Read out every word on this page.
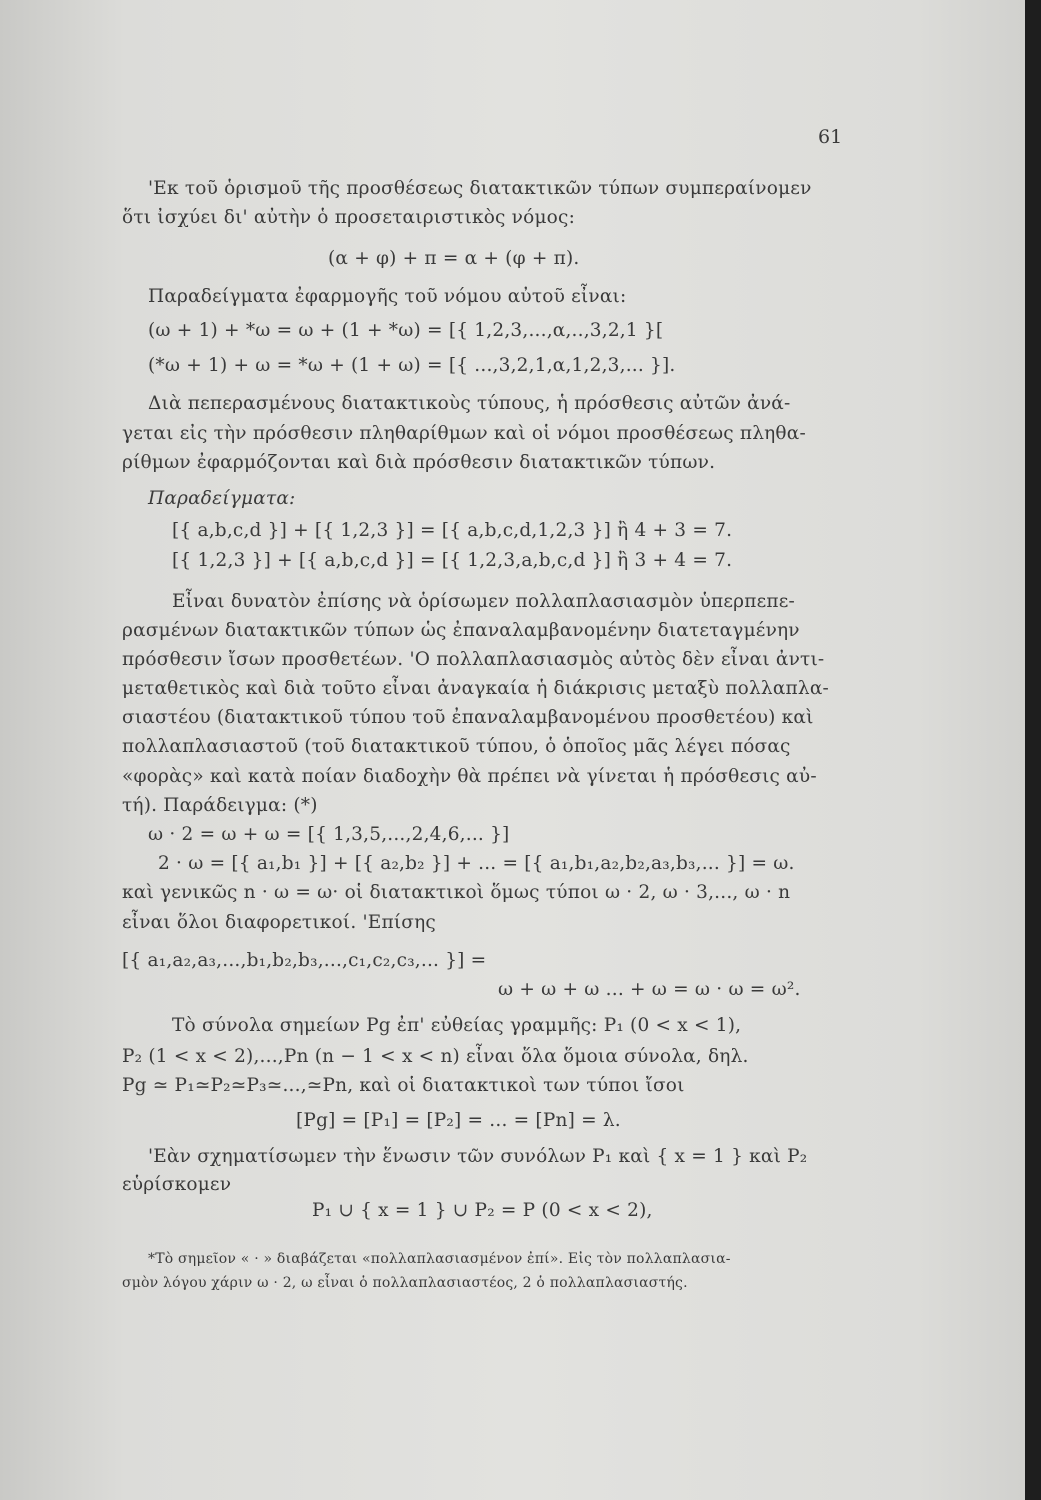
61
'Εκ τοῦ ὁρισμοῦ τῆς προσθέσεως διατακτικῶν τύπων συμπεραίνομεν
ὅτι ἰσχύει δι' αὐτὴν ὁ προσεταιριστικὸς νόμος:
(α + φ) + π = α + (φ + π).
Παραδείγματα ἐφαρμογῆς τοῦ νόμου αὐτοῦ εἶναι:
(ω + 1) + *ω = ω + (1 + *ω) = [{ 1,2,3,...,α,..,3,2,1 }[
(*ω + 1) + ω = *ω + (1 + ω) = [{ ...,3,2,1,α,1,2,3,... }].
Διὰ πεπερασμένους διατακτικοὺς τύπους, ἡ πρόσθεσις αὐτῶν ἀνά-
γεται εἰς τὴν πρόσθεσιν πληθαρίθμων καὶ οἱ νόμοι προσθέσεως πληθα-
ρίθμων ἐφαρμόζονται καὶ διὰ πρόσθεσιν διατακτικῶν τύπων.
Παραδείγματα:
[{ a,b,c,d }] + [{ 1,2,3 }] = [{ a,b,c,d,1,2,3 }] ἢ 4 + 3 = 7.
[{ 1,2,3 }] + [{ a,b,c,d }] = [{ 1,2,3,a,b,c,d }] ἢ 3 + 4 = 7.
Εἶναι δυνατὸν ἐπίσης νὰ ὁρίσωμεν πολλαπλασιασμὸν ὑπερπεπε-
ρασμένων διατακτικῶν τύπων ὡς ἐπαναλαμβανομένην διατεταγμένην
πρόσθεσιν ἴσων προσθετέων. 'Ο πολλαπλασιασμὸς αὐτὸς δὲν εἶναι ἀντι-
μεταθετικὸς καὶ διὰ τοῦτο εἶναι ἀναγκαία ἡ διάκρισις μεταξὺ πολλαπλα-
σιαστέου (διατακτικοῦ τύπου τοῦ ἐπαναλαμβανομένου προσθετέου) καὶ
πολλαπλασιαστοῦ (τοῦ διατακτικοῦ τύπου, ὁ ὁποῖος μᾶς λέγει πόσας
«φορὰς» καὶ κατὰ ποίαν διαδοχὴν θὰ πρέπει νὰ γίνεται ἡ πρόσθεσις αὐ-
τή). Παράδειγμα: (*)
ω · 2 = ω + ω = [{ 1,3,5,...,2,4,6,... }]
2 · ω = [{ a₁,b₁ }] + [{ a₂,b₂ }] + ... = [{ a₁,b₁,a₂,b₂,a₃,b₃,... }] = ω.
καὶ γενικῶς n · ω = ω· οἱ διατακτικοὶ ὅμως τύποι ω · 2, ω · 3,..., ω · n
εἶναι ὅλοι διαφορετικοί. 'Επίσης
[{ a₁,a₂,a₃,...,b₁,b₂,b₃,...,c₁,c₂,c₃,... }] =
ω + ω + ω ... + ω = ω · ω = ω².
Τὸ σύνολα σημείων Pg ἐπ' εὐθείας γραμμῆς: P₁ (0 < x < 1),
P₂ (1 < x < 2),...,Pn (n − 1 < x < n) εἶναι ὅλα ὅμοια σύνολα, δηλ.
Pg ≃ P₁≃P₂≃P₃≃...,≃Pn, καὶ οἱ διατακτικοὶ των τύποι ἴσοι
[Pg] = [P₁] = [P₂] = ... = [Pn] = λ.
'Εὰν σχηματίσωμεν τὴν ἕνωσιν τῶν συνόλων P₁ καὶ { x = 1 } καὶ P₂
εὑρίσκομεν
P₁ ∪ { x = 1 } ∪ P₂ = P (0 < x < 2),
*Τὸ σημεῖον « · » διαβάζεται «πολλαπλασιασμένον ἐπί». Εἰς τὸν πολλαπλασια-
σμὸν λόγου χάριν ω · 2, ω εἶναι ὁ πολλαπλασιαστέος, 2 ὁ πολλαπλασιαστής.
